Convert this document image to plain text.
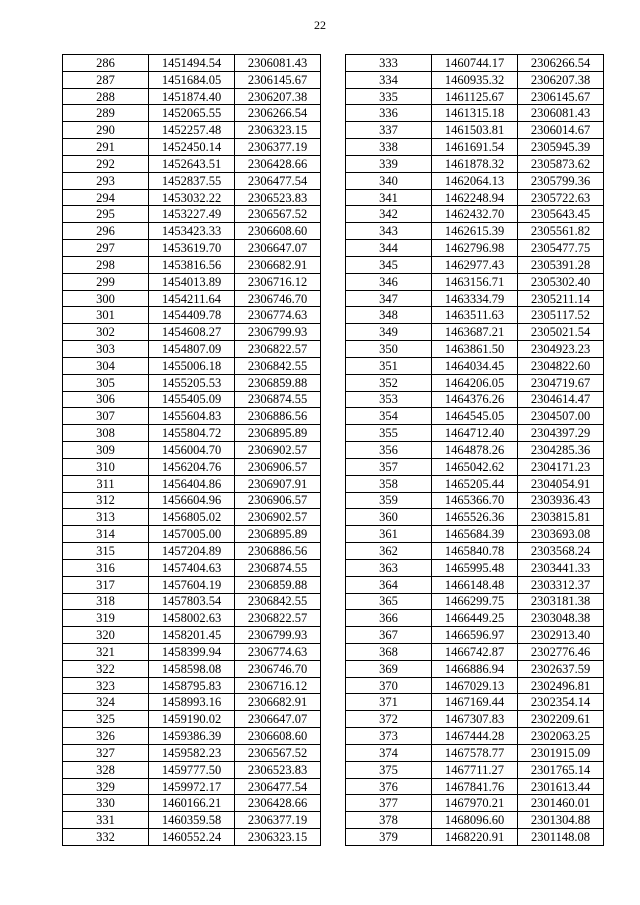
22
286	1451494.54	2306081.43
287	1451684.05	2306145.67
288	1451874.40	2306207.38
289	1452065.55	2306266.54
290	1452257.48	2306323.15
291	1452450.14	2306377.19
292	1452643.51	2306428.66
293	1452837.55	2306477.54
294	1453032.22	2306523.83
295	1453227.49	2306567.52
296	1453423.33	2306608.60
297	1453619.70	2306647.07
298	1453816.56	2306682.91
299	1454013.89	2306716.12
300	1454211.64	2306746.70
301	1454409.78	2306774.63
302	1454608.27	2306799.93
303	1454807.09	2306822.57
304	1455006.18	2306842.55
305	1455205.53	2306859.88
306	1455405.09	2306874.55
307	1455604.83	2306886.56
308	1455804.72	2306895.89
309	1456004.70	2306902.57
310	1456204.76	2306906.57
311	1456404.86	2306907.91
312	1456604.96	2306906.57
313	1456805.02	2306902.57
314	1457005.00	2306895.89
315	1457204.89	2306886.56
316	1457404.63	2306874.55
317	1457604.19	2306859.88
318	1457803.54	2306842.55
319	1458002.63	2306822.57
320	1458201.45	2306799.93
321	1458399.94	2306774.63
322	1458598.08	2306746.70
323	1458795.83	2306716.12
324	1458993.16	2306682.91
325	1459190.02	2306647.07
326	1459386.39	2306608.60
327	1459582.23	2306567.52
328	1459777.50	2306523.83
329	1459972.17	2306477.54
330	1460166.21	2306428.66
331	1460359.58	2306377.19
332	1460552.24	2306323.15
333	1460744.17	2306266.54
334	1460935.32	2306207.38
335	1461125.67	2306145.67
336	1461315.18	2306081.43
337	1461503.81	2306014.67
338	1461691.54	2305945.39
339	1461878.32	2305873.62
340	1462064.13	2305799.36
341	1462248.94	2305722.63
342	1462432.70	2305643.45
343	1462615.39	2305561.82
344	1462796.98	2305477.75
345	1462977.43	2305391.28
346	1463156.71	2305302.40
347	1463334.79	2305211.14
348	1463511.63	2305117.52
349	1463687.21	2305021.54
350	1463861.50	2304923.23
351	1464034.45	2304822.60
352	1464206.05	2304719.67
353	1464376.26	2304614.47
354	1464545.05	2304507.00
355	1464712.40	2304397.29
356	1464878.26	2304285.36
357	1465042.62	2304171.23
358	1465205.44	2304054.91
359	1465366.70	2303936.43
360	1465526.36	2303815.81
361	1465684.39	2303693.08
362	1465840.78	2303568.24
363	1465995.48	2303441.33
364	1466148.48	2303312.37
365	1466299.75	2303181.38
366	1466449.25	2303048.38
367	1466596.97	2302913.40
368	1466742.87	2302776.46
369	1466886.94	2302637.59
370	1467029.13	2302496.81
371	1467169.44	2302354.14
372	1467307.83	2302209.61
373	1467444.28	2302063.25
374	1467578.77	2301915.09
375	1467711.27	2301765.14
376	1467841.76	2301613.44
377	1467970.21	2301460.01
378	1468096.60	2301304.88
379	1468220.91	2301148.08
